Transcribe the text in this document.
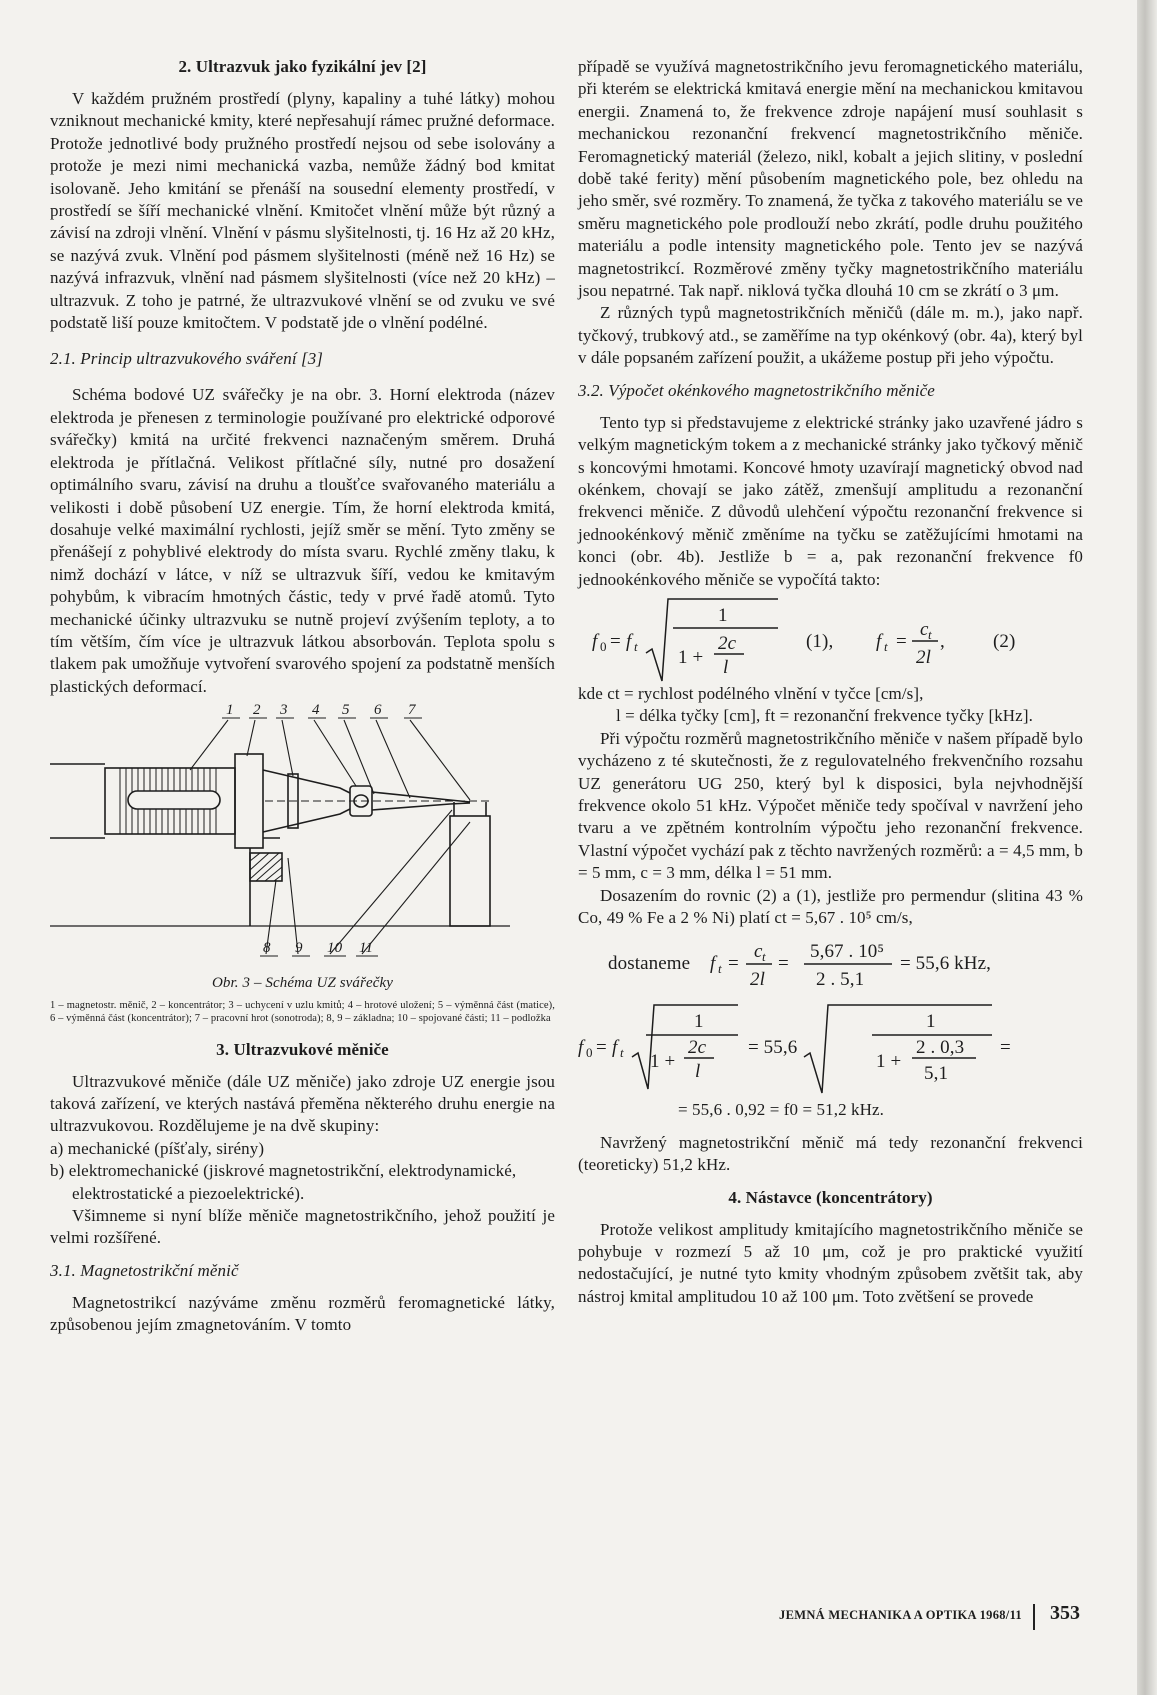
2. Ultrazvuk jako fyzikální jev [2]

V každém pružném prostředí (plyny, kapaliny a tuhé látky) mohou vzniknout mechanické kmity, které nepřesahují rámec pružné deformace. Protože jednotlivé body pružného prostředí nejsou od sebe isolovány a protože je mezi nimi mechanická vazba, nemůže žádný bod kmitat isolovaně. Jeho kmitání se přenáší na sousední elementy prostředí, v prostředí se šíří mechanické vlnění. Kmitočet vlnění může být různý a závisí na zdroji vlnění. Vlnění v pásmu slyšitelnosti, tj. 16 Hz až 20 kHz, se nazývá zvuk. Vlnění pod pásmem slyšitelnosti (méně než 16 Hz) se nazývá infrazvuk, vlnění nad pásmem slyšitelnosti (více než 20 kHz) – ultrazvuk. Z toho je patrné, že ultrazvukové vlnění se od zvuku ve své podstatě liší pouze kmitočtem. V podstatě jde o vlnění podélné.

2.1. Princip ultrazvukového sváření [3]

Schéma bodové UZ svářečky je na obr. 3. Horní elektroda (název elektroda je přenesen z terminologie používané pro elektrické odporové svářečky) kmitá na určité frekvenci naznačeným směrem. Druhá elektroda je přítlačná. Velikost přítlačné síly, nutné pro dosažení optimálního svaru, závisí na druhu a tloušťce svařovaného materiálu a velikosti i době působení UZ energie. Tím, že horní elektroda kmitá, dosahuje velké maximální rychlosti, jejíž směr se mění. Tyto změny se přenášejí z pohyblivé elektrody do místa svaru. Rychlé změny tlaku, k nimž dochází v látce, v níž se ultrazvuk šíří, vedou ke kmitavým pohybům, k vibracím hmotných částic, tedy v prvé řadě atomů. Tyto mechanické účinky ultrazvuku se nutně projeví zvýšením teploty, a to tím větším, čím více je ultrazvuk látkou absorbován. Teplota spolu s tlakem pak umožňuje vytvoření svarového spojení za podstatně menších plastických deformací.

1 2 3 4 5 6 7
8 9 10 11
Obr. 3 – Schéma UZ svářečky
1 – magnetostr. měnič, 2 – koncentrátor; 3 – uchycení v uzlu kmitů; 4 – hrotové uložení; 5 – výměnná část (matice), 6 – výměnná část (koncentrátor); 7 – pracovní hrot (sonotroda); 8, 9 – základna; 10 – spojované části; 11 – podložka
3. Ultrazvukové měniče

Ultrazvukové měniče (dále UZ měniče) jako zdroje UZ energie jsou taková zařízení, ve kterých nastává přeměna některého druhu energie na ultrazvukovou. Rozdělujeme je na dvě skupiny:

a) mechanické (píšťaly, sirény)
b) elektromechanické (jiskrové magnetostrikční, elektrodynamické, elektrostatické a piezoelektrické).

Všimneme si nyní blíže měniče magnetostrikčního, jehož použití je velmi rozšířené.

3.1. Magnetostrikční měnič

Magnetostrikcí nazýváme změnu rozměrů feromagnetické látky, způsobenou jejím zmagnetováním. V tomto

případě se využívá magnetostrikčního jevu feromagnetického materiálu, při kterém se elektrická kmitavá energie mění na mechanickou kmitavou energii. Znamená to, že frekvence zdroje napájení musí souhlasit s mechanickou rezonanční frekvencí magnetostrikčního měniče. Feromagnetický materiál (železo, nikl, kobalt a jejich slitiny, v poslední době také ferity) mění působením magnetického pole, bez ohledu na jeho směr, své rozměry. To znamená, že tyčka z takového materiálu se ve směru magnetického pole prodlouží nebo zkrátí, podle druhu použitého materiálu a podle intensity magnetického pole. Tento jev se nazývá magnetostrikcí. Rozměrové změny tyčky magnetostrikčního materiálu jsou nepatrné. Tak např. niklová tyčka dlouhá 10 cm se zkrátí o 3 μm.

Z různých typů magnetostrikčních měničů (dále m. m.), jako např. tyčkový, trubkový atd., se zaměříme na typ okénkový (obr. 4a), který byl v dále popsaném zařízení použit, a ukážeme postup při jeho výpočtu.

3.2. Výpočet okénkového magnetostrikčního měniče

Tento typ si představujeme z elektrické stránky jako uzavřené jádro s velkým magnetickým tokem a z mechanické stránky jako tyčkový měnič s koncovými hmotami. Koncové hmoty uzavírají magnetický obvod nad okénkem, chovají se jako zátěž, zmenšují amplitudu a rezonanční frekvenci měniče. Z důvodů ulehčení výpočtu rezonanční frekvence si jednookénkový měnič změníme na tyčku se zatěžujícími hmotami na konci (obr. 4b). Jestliže b = a, pak rezonanční frekvence f0 jednookénkového měniče se vypočítá takto:

f 0 = f t
1
1 +
2c
l
(1), f t =
c t
2l
,	(2)

kde ct = rychlost podélného vlnění v tyčce [cm/s],

l = délka tyčky [cm], ft = rezonanční frekvence tyčky [kHz].

Při výpočtu rozměrů magnetostrikčního měniče v našem případě bylo vycházeno z té skutečnosti, že z regulovatelného frekvenčního rozsahu UZ generátoru UG 250, který byl k disposici, byla nejvhodnější frekvence okolo 51 kHz. Výpočet měniče tedy spočíval v navržení jeho tvaru a ve zpětném kontrolním výpočtu jeho rezonanční frekvence. Vlastní výpočet vychází pak z těchto navržených rozměrů: a = 4,5 mm, b = 5 mm, c = 3 mm, délka l = 51 mm.

Dosazením do rovnic (2) a (1), jestliže pro permendur (slitina 43 % Co, 49 % Fe a 2 % Ni) platí ct = 5,67 . 10⁵ cm/s,

dostaneme f t =
c t
2l
=
5,67 . 10⁵
2 . 5,1
= 55,6 kHz,
f 0 = f t
1
1 +
2c
l
= 55,6
1
1 +
2 . 0,3
5,1
=

= 55,6 . 0,92 = f0 = 51,2 kHz.

Navržený magnetostrikční měnič má tedy rezonanční frekvenci (teoreticky) 51,2 kHz.

4. Nástavce (koncentrátory)

Protože velikost amplitudy kmitajícího magnetostrikčního měniče se pohybuje v rozmezí 5 až 10 μm, což je pro praktické využití nedostačující, je nutné tyto kmity vhodným způsobem zvětšit tak, aby nástroj kmital amplitudou 10 až 100 μm. Toto zvětšení se provede

JEMNÁ MECHANIKA A OPTIKA 1968/11 353
